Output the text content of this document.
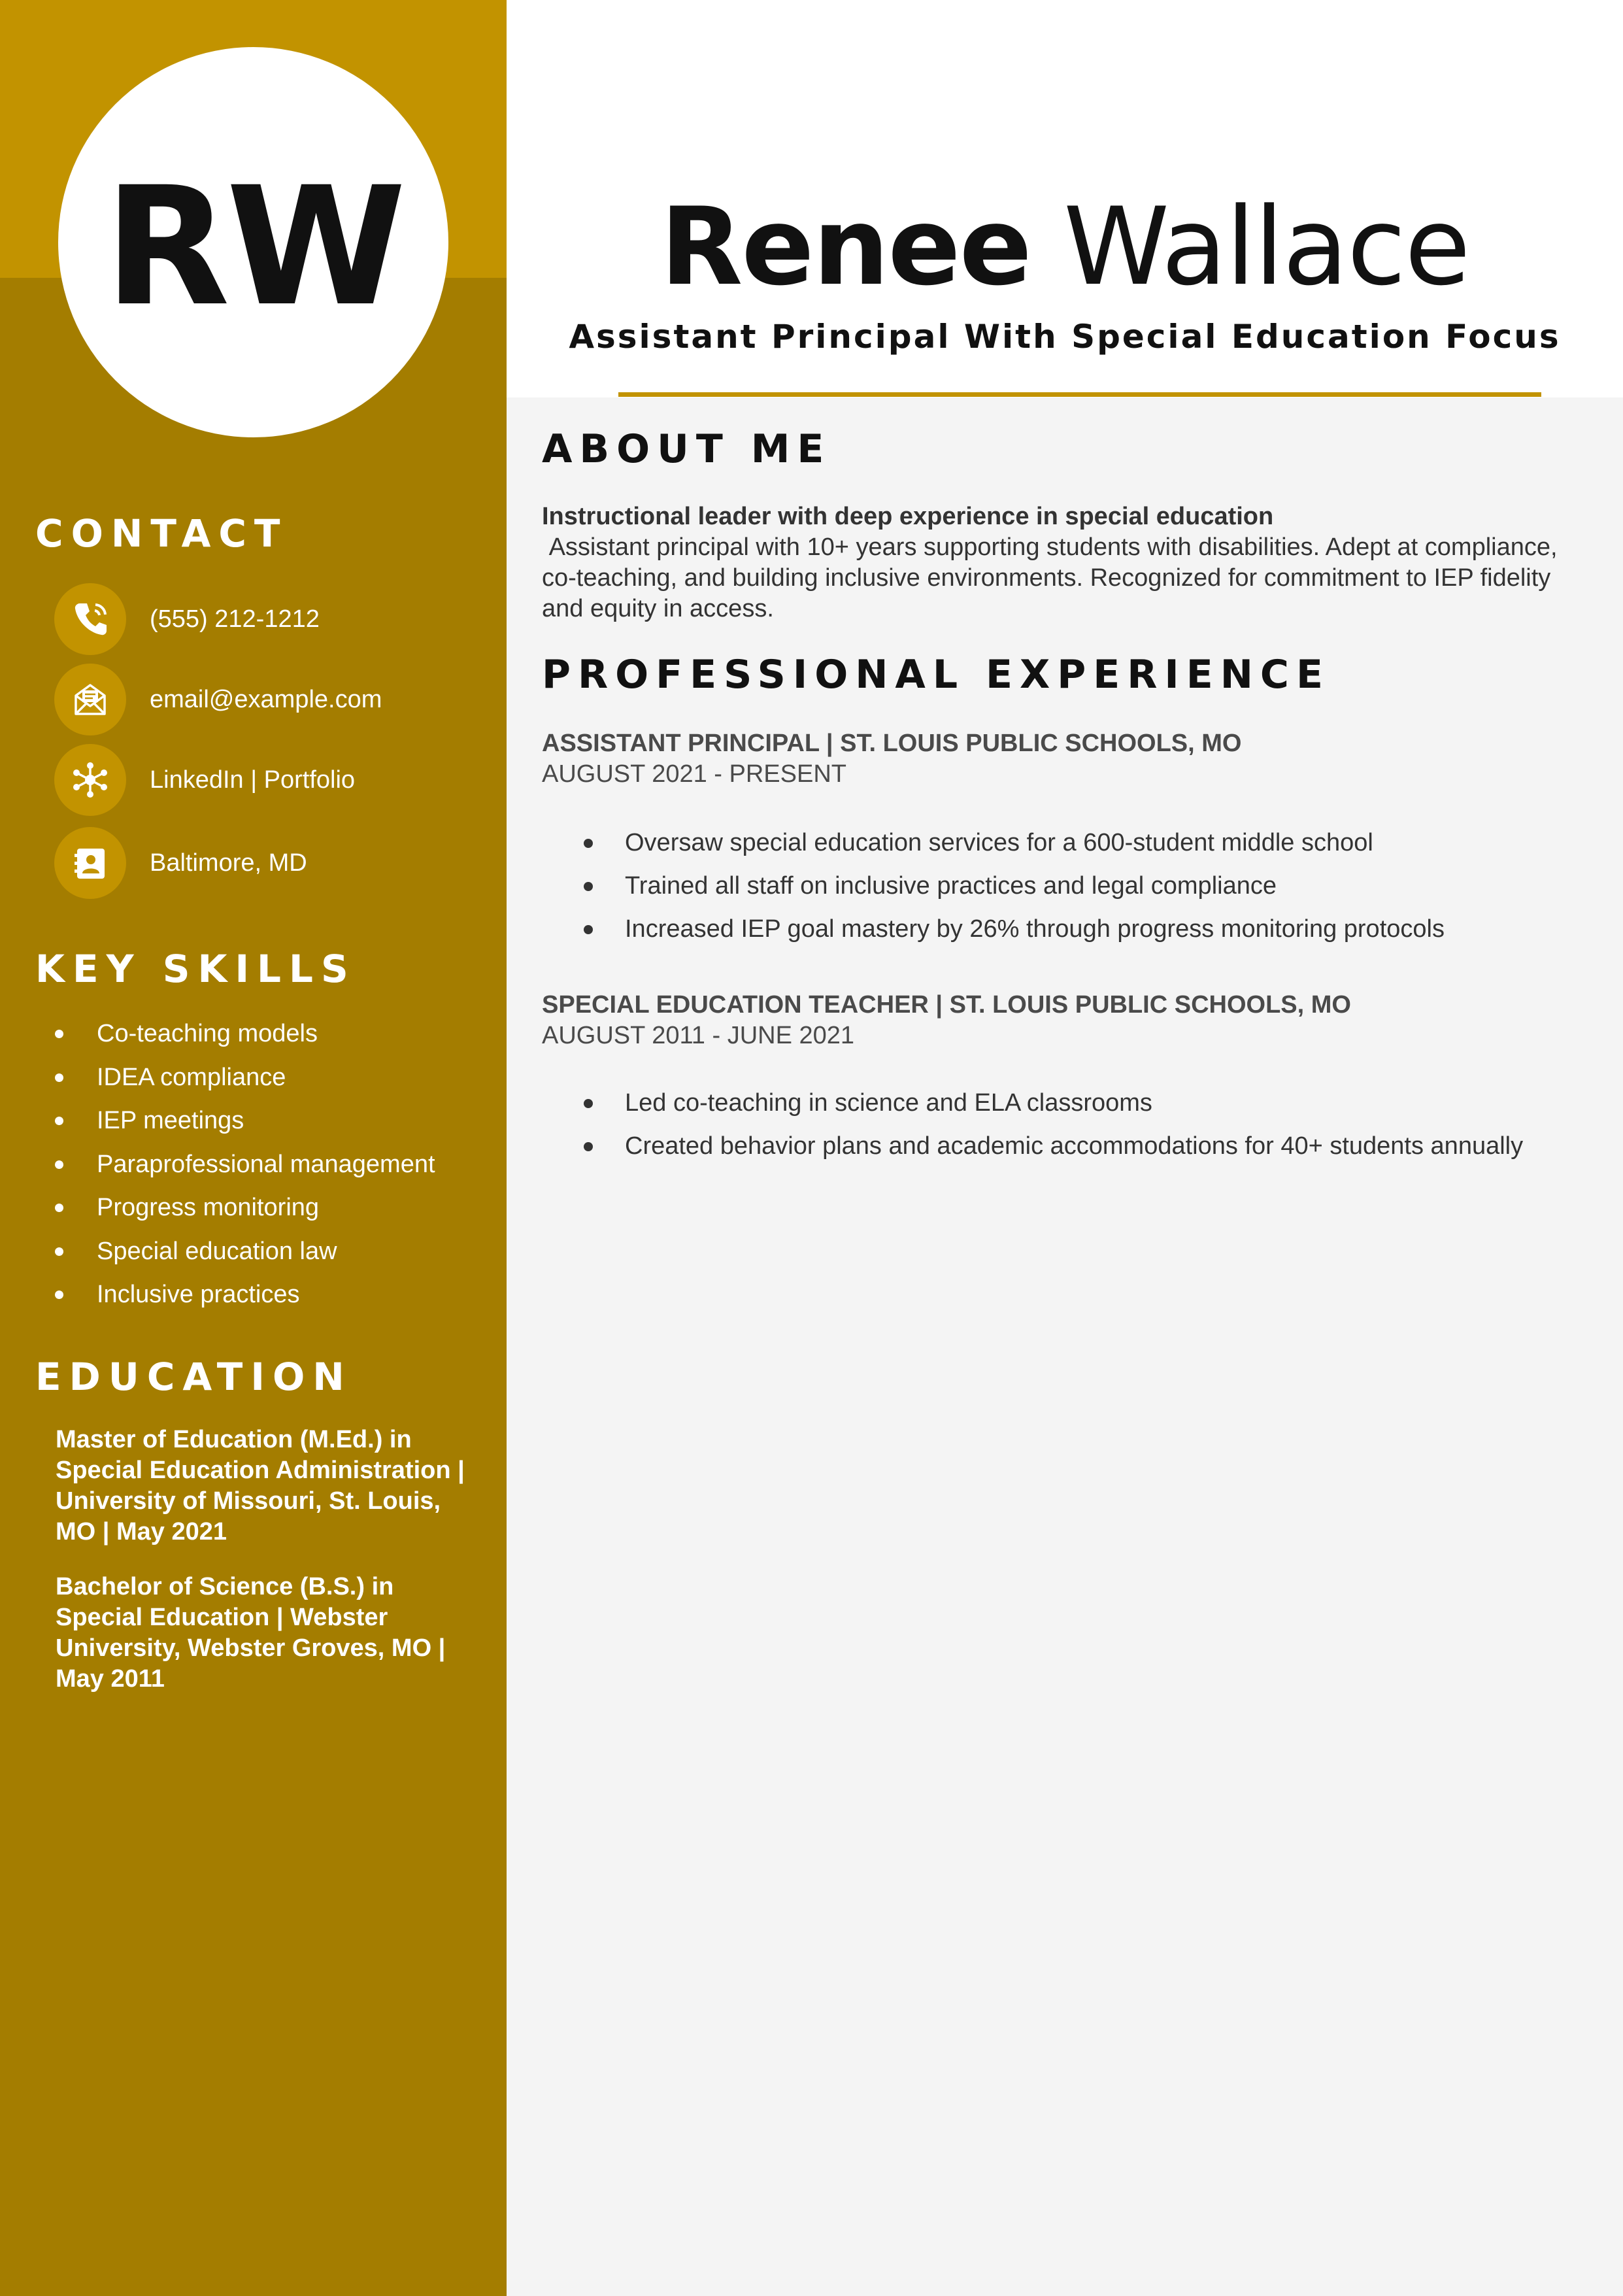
RW	Renee Wallace
Assistant Principal With Special Education Focus
CONTACT
(555) 212-1212
email@example.com
LinkedIn | Portfolio
Baltimore, MD
KEY SKILLS
Co-teaching models
IDEA compliance
IEP meetings
Paraprofessional management
Progress monitoring
Special education law
Inclusive practices
EDUCATION
Master of Education (M.Ed.) in Special Education Administration | University of Missouri, St. Louis, MO | May 2021
Bachelor of Science (B.S.) in Special Education | Webster University, Webster Groves, MO | May 2011
ABOUT ME
Instructional leader with deep experience in special education
Assistant principal with 10+ years supporting students with disabilities. Adept at compliance, co-teaching, and building inclusive environments. Recognized for commitment to IEP fidelity and equity in access.
PROFESSIONAL EXPERIENCE
ASSISTANT PRINCIPAL | ST. LOUIS PUBLIC SCHOOLS, MO
AUGUST 2021 - PRESENT
Oversaw special education services for a 600-student middle school
Trained all staff on inclusive practices and legal compliance
Increased IEP goal mastery by 26% through progress monitoring protocols
SPECIAL EDUCATION TEACHER | ST. LOUIS PUBLIC SCHOOLS, MO
AUGUST 2011 - JUNE 2021
Led co-teaching in science and ELA classrooms
Created behavior plans and academic accommodations for 40+ students annually
